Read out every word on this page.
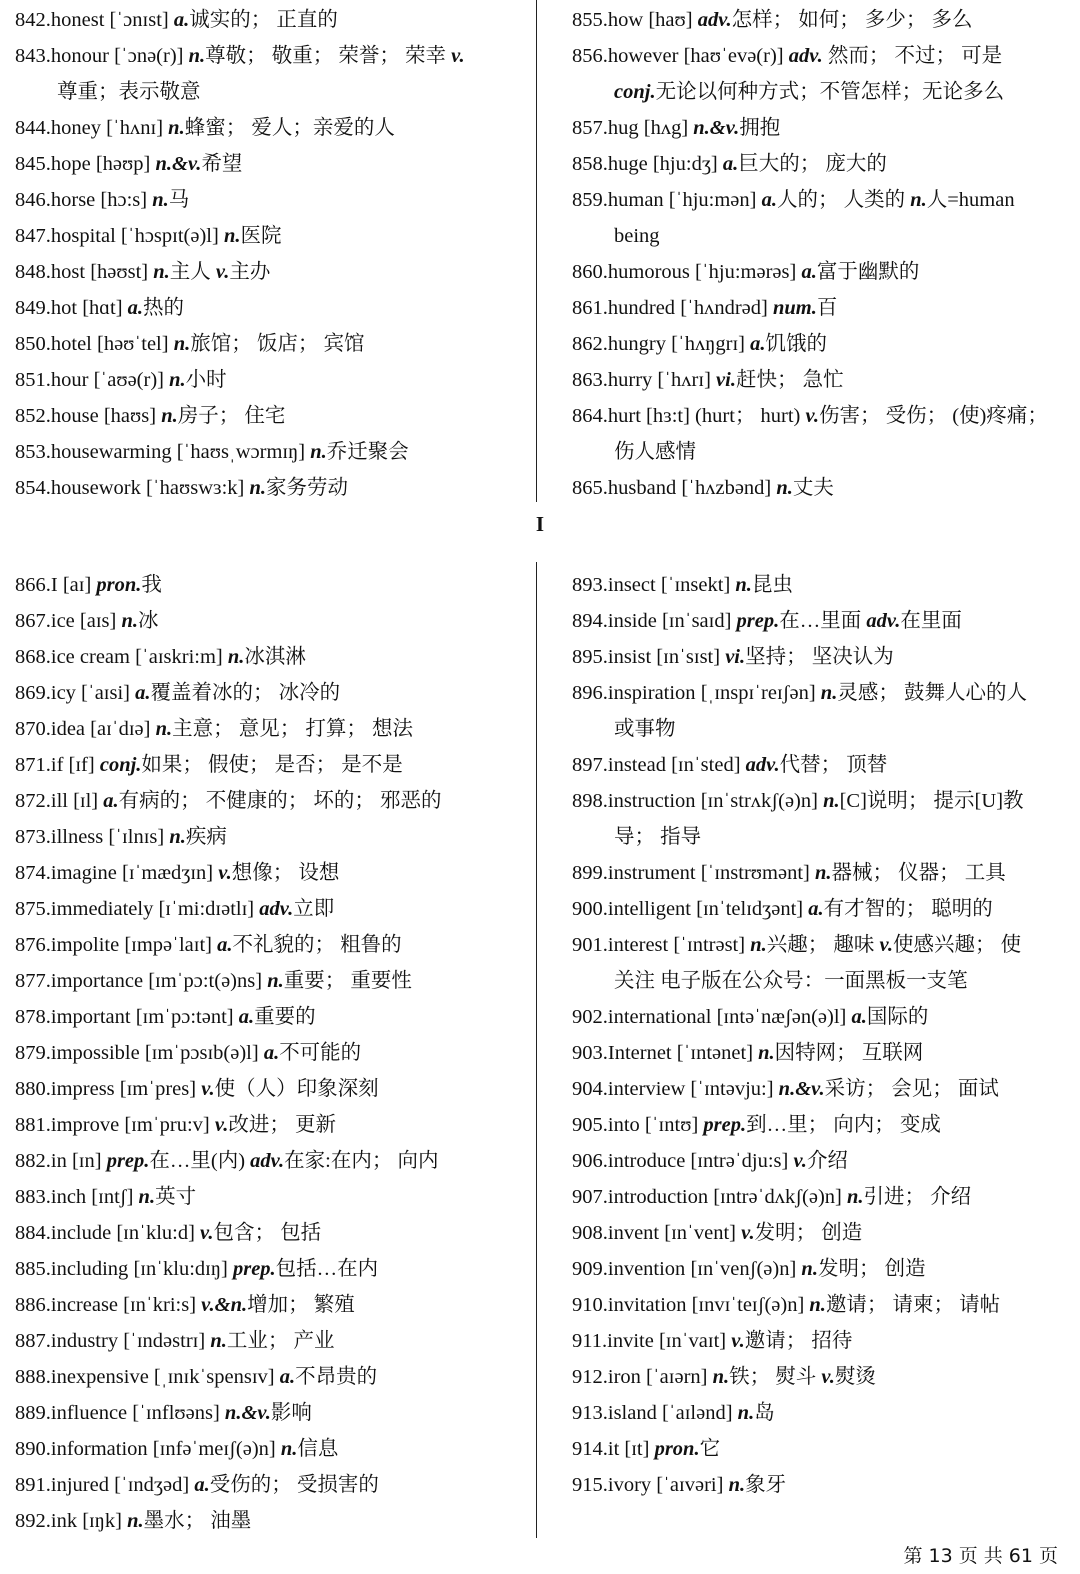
842.honest [ˈɔnɪst] a.诚实的； 正直的
843.honour [ˈɔnə(r)] n.尊敬； 敬重； 荣誉； 荣幸 v.
尊重；表示敬意
844.honey [ˈhʌnɪ] n.蜂蜜； 爱人；亲爱的人
845.hope [həʊp] n.&v.希望
846.horse [hɔ:s] n.马
847.hospital [ˈhɔspɪt(ə)l] n.医院
848.host [həʊst] n.主人 v.主办
849.hot [hɑt] a.热的
850.hotel [həʊˈtel] n.旅馆； 饭店； 宾馆
851.hour [ˈaʊə(r)] n.小时
852.house [haʊs] n.房子； 住宅
853.housewarming [ˈhaʊsˌwɔrmɪŋ] n.乔迁聚会
854.housework [ˈhaʊswɜ:k] n.家务劳动
855.how [haʊ] adv.怎样； 如何； 多少； 多么
856.however [haʊˈevə(r)] adv. 然而； 不过； 可是
conj.无论以何种方式；不管怎样；无论多么
857.hug [hʌg] n.&v.拥抱
858.huge [hju:dʒ] a.巨大的； 庞大的
859.human [ˈhju:mən] a.人的； 人类的 n.人=human
being
860.humorous [ˈhju:mərəs] a.富于幽默的
861.hundred [ˈhʌndrəd] num.百
862.hungry [ˈhʌŋgrɪ] a.饥饿的
863.hurry [ˈhʌrɪ] vi.赶快； 急忙
864.hurt [hɜ:t] (hurt； hurt) v.伤害； 受伤； (使)疼痛；
伤人感情
865.husband [ˈhʌzbənd] n.丈夫
I
866.I [aɪ] pron.我
867.ice [aɪs] n.冰
868.ice cream [ˈaɪskri:m] n.冰淇淋
869.icy [ˈaɪsi] a.覆盖着冰的； 冰冷的
870.idea [aɪˈdɪə] n.主意； 意见； 打算； 想法
871.if [ɪf] conj.如果； 假使； 是否； 是不是
872.ill [ɪl] a.有病的； 不健康的； 坏的； 邪恶的
873.illness [ˈɪlnɪs] n.疾病
874.imagine [ɪˈmædʒɪn] v.想像； 设想
875.immediately [ɪˈmi:dɪətlɪ] adv.立即
876.impolite [ɪmpəˈlaɪt] a.不礼貌的； 粗鲁的
877.importance [ɪmˈpɔ:t(ə)ns] n.重要； 重要性
878.important [ɪmˈpɔ:tənt] a.重要的
879.impossible [ɪmˈpɔsɪb(ə)l] a.不可能的
880.impress [ɪmˈpres] v.使（人）印象深刻
881.improve [ɪmˈpru:v] v.改进； 更新
882.in [ɪn] prep.在…里(内) adv.在家:在内； 向内
883.inch [ɪntʃ] n.英寸
884.include [ɪnˈklu:d] v.包含； 包括
885.including [ɪnˈklu:dɪŋ] prep.包括…在内
886.increase [ɪnˈkri:s] v.&n.增加； 繁殖
887.industry [ˈɪndəstrɪ] n.工业； 产业
888.inexpensive [ˌɪnɪkˈspensɪv] a.不昂贵的
889.influence [ˈɪnflʊəns] n.&v.影响
890.information [ɪnfəˈmeɪʃ(ə)n] n.信息
891.injured [ˈɪndʒəd] a.受伤的； 受损害的
892.ink [ɪŋk] n.墨水； 油墨
893.insect [ˈɪnsekt] n.昆虫
894.inside [ɪnˈsaɪd] prep.在…里面 adv.在里面
895.insist [ɪnˈsɪst] vi.坚持； 坚决认为
896.inspiration [ˌɪnspɪˈreɪʃən] n.灵感； 鼓舞人心的人
或事物
897.instead [ɪnˈsted] adv.代替； 顶替
898.instruction [ɪnˈstrʌkʃ(ə)n] n.[C]说明； 提示[U]教
导； 指导
899.instrument [ˈɪnstrʊmənt] n.器械； 仪器； 工具
900.intelligent [ɪnˈtelɪdʒənt] a.有才智的； 聪明的
901.interest [ˈɪntrəst] n.兴趣； 趣味 v.使感兴趣； 使
关注 电子版在公众号：一面黑板一支笔
902.international [ɪntəˈnæʃən(ə)l] a.国际的
903.Internet [ˈɪntənet] n.因特网； 互联网
904.interview [ˈɪntəvju:] n.&v.采访； 会见； 面试
905.into [ˈɪntʊ] prep.到…里； 向内； 变成
906.introduce [ɪntrəˈdju:s] v.介绍
907.introduction [ɪntrəˈdʌkʃ(ə)n] n.引进； 介绍
908.invent [ɪnˈvent] v.发明； 创造
909.invention [ɪnˈvenʃ(ə)n] n.发明； 创造
910.invitation [ɪnvɪˈteɪʃ(ə)n] n.邀请； 请柬； 请帖
911.invite [ɪnˈvaɪt] v.邀请； 招待
912.iron [ˈaɪərn] n.铁； 熨斗 v.熨烫
913.island [ˈaɪlənd] n.岛
914.it [ɪt] pron.它
915.ivory [ˈaɪvəri] n.象牙
第 13 页 共 61 页
